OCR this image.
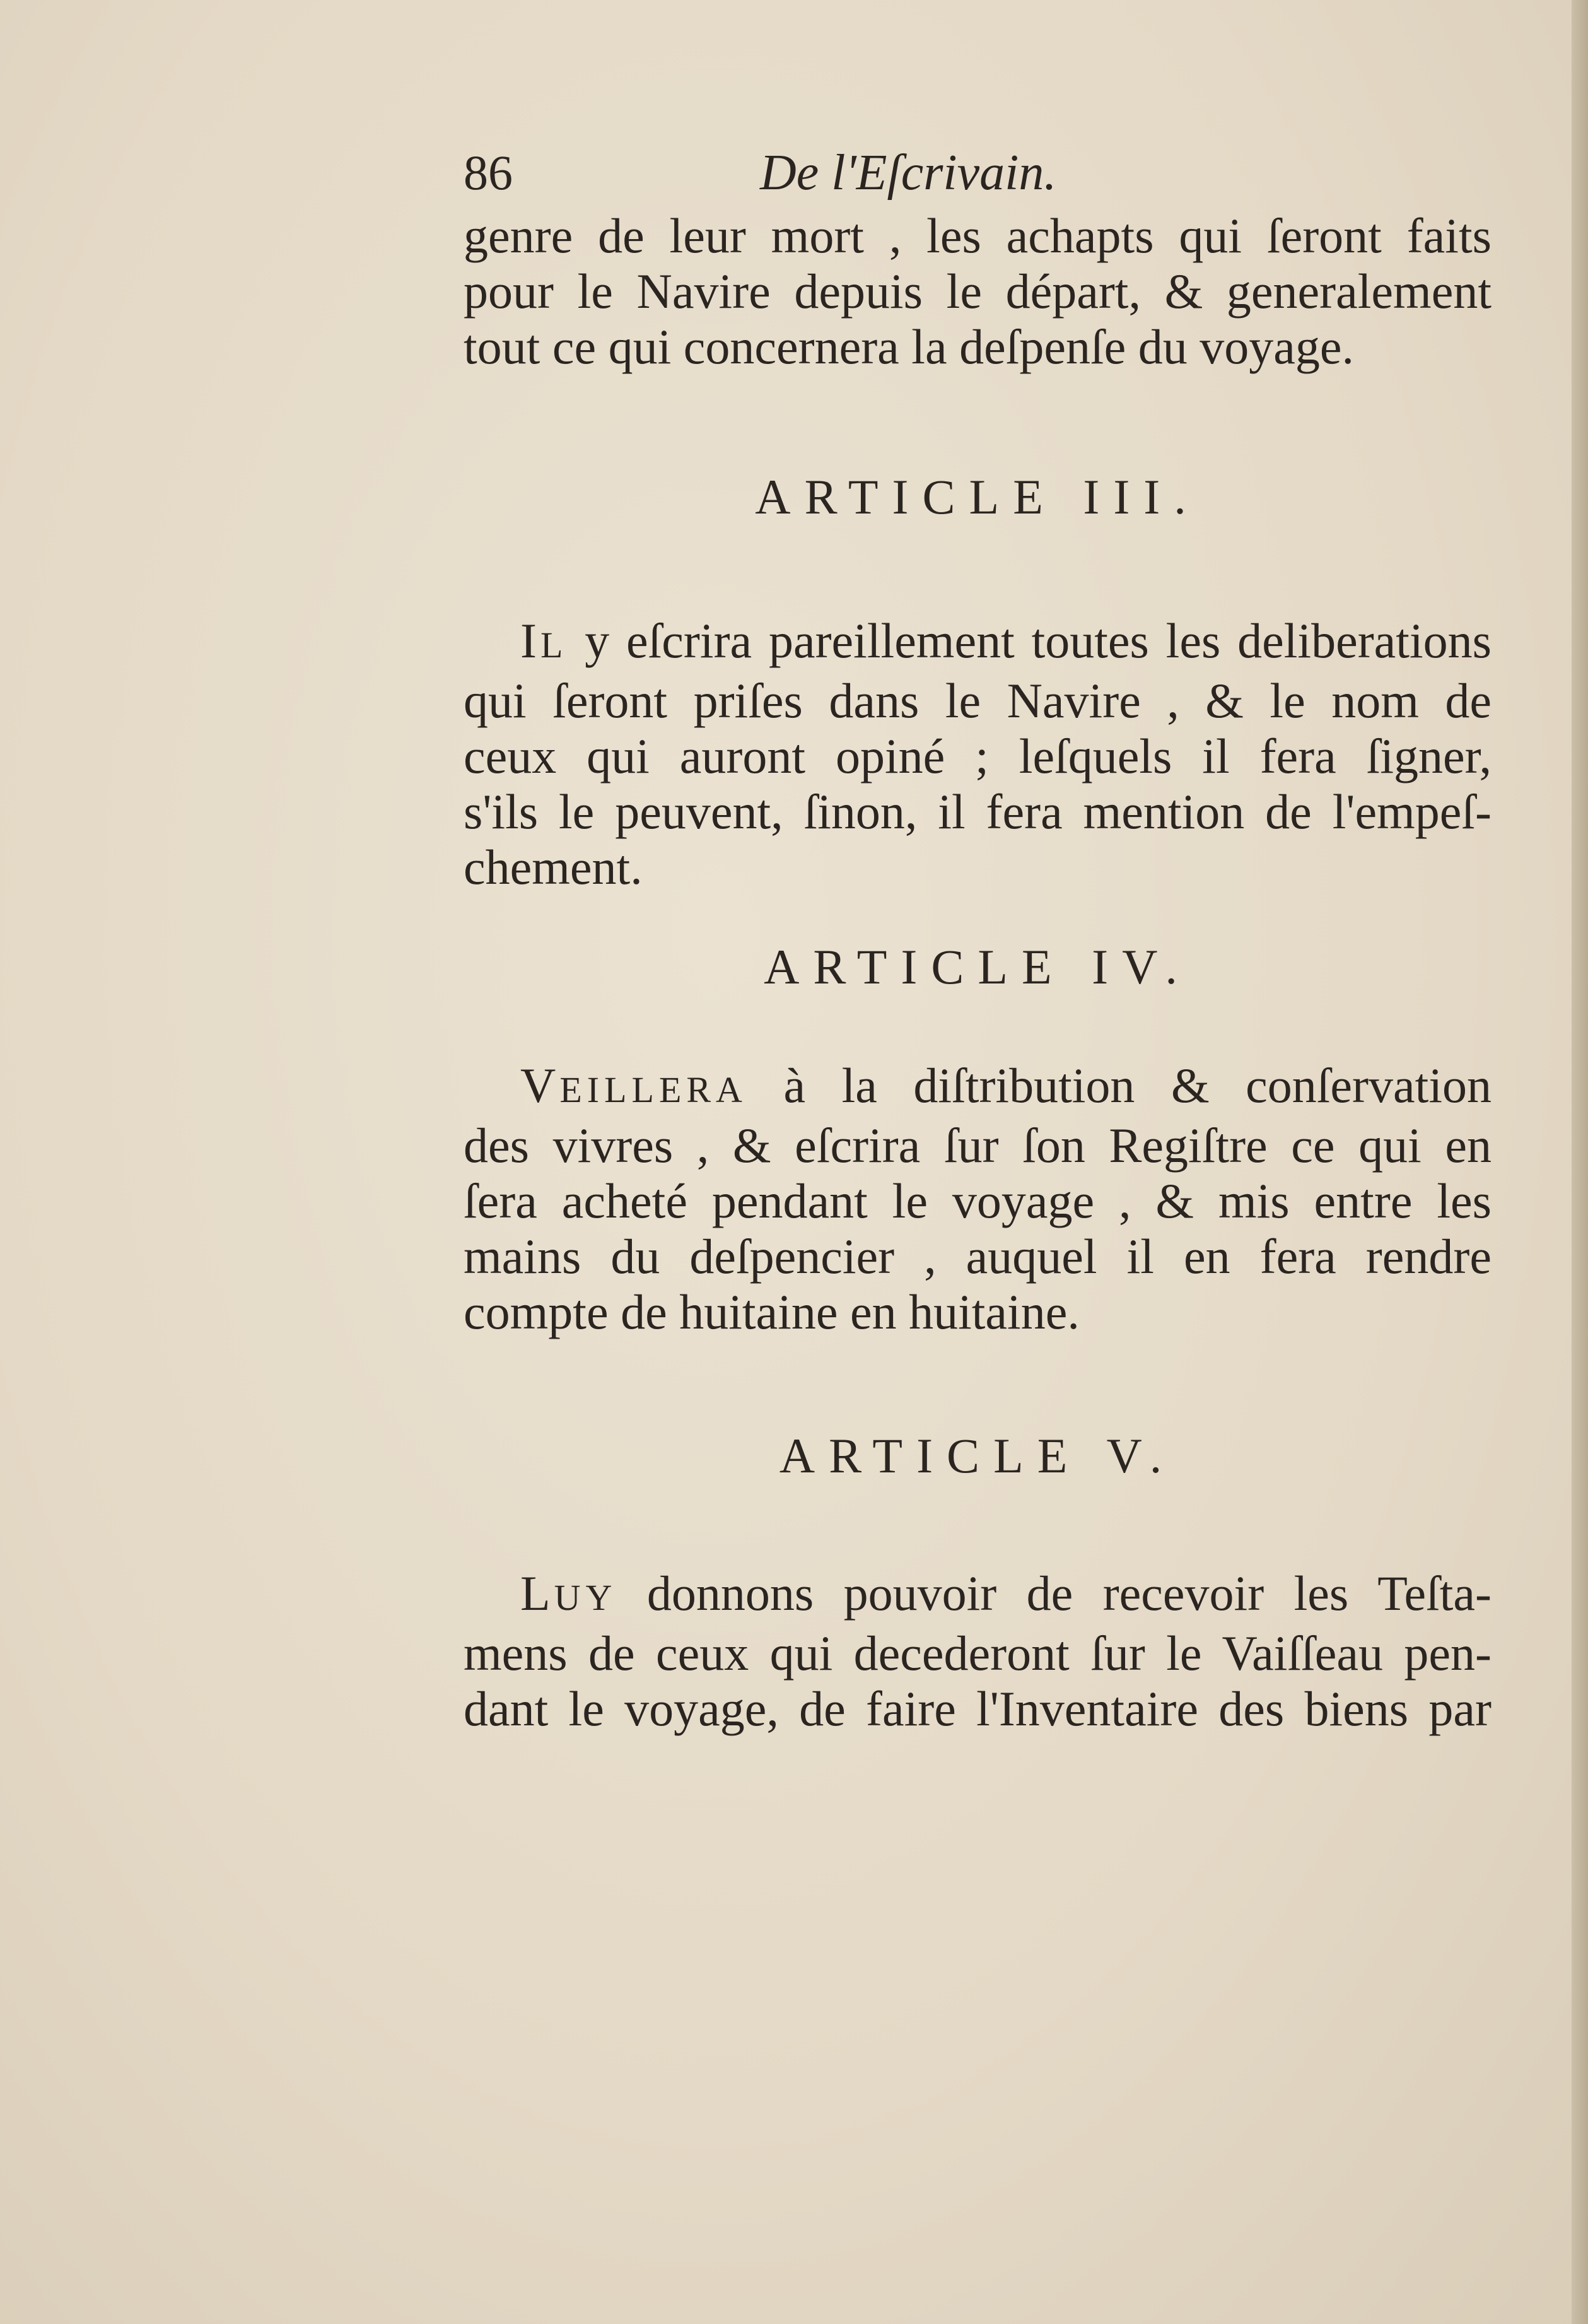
86	De l'Eſcrivain.
genre de leur mort , les achapts qui ſeront faits
pour le Navire depuis le départ, & generalement
tout ce qui concernera la deſpenſe du voyage.
ARTICLE III.
IL y eſcrira pareillement toutes les deliberations
qui ſeront priſes dans le Navire , & le nom de
ceux qui auront opiné ; leſquels il fera ſigner,
s'ils le peuvent, ſinon, il fera mention de l'empeſ-
chement.
ARTICLE IV.
VEILLERA à la diſtribution & conſervation
des vivres , & eſcrira ſur ſon Regiſtre ce qui en
ſera acheté pendant le voyage , & mis entre les
mains du deſpencier , auquel il en fera rendre
compte de huitaine en huitaine.
ARTICLE V.
LUY donnons pouvoir de recevoir les Teſta-
mens de ceux qui decederont ſur le Vaiſſeau pen-
dant le voyage, de faire l'Inventaire des biens par
